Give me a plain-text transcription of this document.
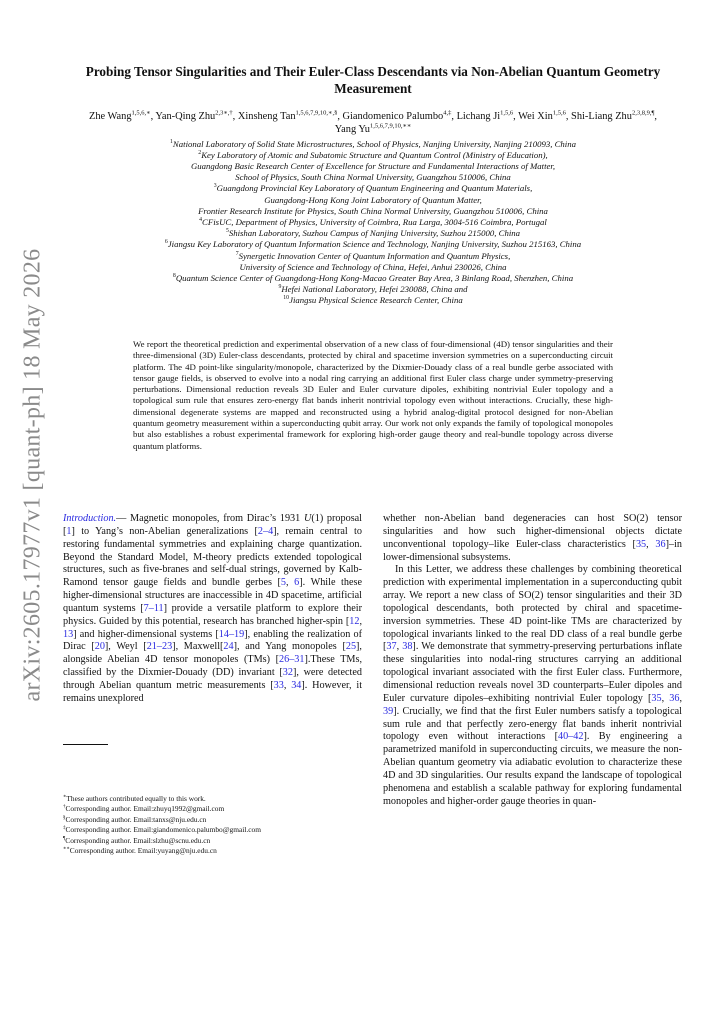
arXiv:2605.17977v1 [quant-ph] 18 May 2026
Probing Tensor Singularities and Their Euler-Class Descendants via Non-Abelian Quantum Geometry Measurement
Zhe Wang$^{1,5,6,∗}$, Yan-Qing Zhu$^{2,3∗,\dagger}$, Xinsheng Tan$^{1,5,6,7,9,10,∗,\S}$, Giandomenico Palumbo$^{4,\ddagger}$, Lichang Ji$^{1,5,6}$, Wei Xin$^{1,5,6}$, Shi-Liang Zhu$^{2,3,8,9,\P}$, Yang $Yu^{1,5,6,7,9,10,∗∗}$
$^1$National Laboratory of Solid State Microstructures, School of Physics, Nanjing University, Nanjing 210093, China
$^2$Key Laboratory of Atomic and Subatomic Structure and Quantum Control (Ministry of Education),
Guangdong Basic Research Center of Excellence for Structure and Fundamental Interactions of Matter,
School of Physics, South China Normal University, Guangzhou 510006, China
$^3$Guangdong Provincial Key Laboratory of Quantum Engineering and Quantum Materials,
Guangdong-Hong Kong Joint Laboratory of Quantum Matter,
Frontier Research Institute for Physics, South China Normal University, Guangzhou 510006, China
$^4$CFisUC, Department of Physics, University of Coimbra, Rua Larga, 3004-516 Coimbra, Portugal
$^5$Shishan Laboratory, Suzhou Campus of Nanjing University, Suzhou 215000, China
$^6$Jiangsu Key Laboratory of Quantum Information Science and Technology, Nanjing University, Suzhou 215163, China
$^7$Synergetic Innovation Center of Quantum Information and Quantum Physics,
University of Science and Technology of China, Hefei, Anhui 230026, China
$^8$Quantum Science Center of Guangdong-Hong Kong-Macao Greater Bay Area, 3 Binlang Road, Shenzhen, China
$^9$Hefei National Laboratory, Hefei 230088, China and
$^{10}$Jiangsu Physical Science Research Center, China
We report the theoretical prediction and experimental observation of a new class of four-dimensional (4D) tensor singularities and their three-dimensional (3D) Euler-class descendants, protected by chiral and spacetime inversion symmetries on a superconducting circuit platform. The 4D point-like singularity/monopole, characterized by the Dixmier-Douady class of a real bundle gerbe associated with tensor gauge fields, is observed to evolve into a nodal ring carrying an additional first Euler class charge under symmetry-preserving perturbations. Dimensional reduction reveals 3D Euler and Euler curvature dipoles, exhibiting nontrivial Euler topology and a topological sum rule that ensures zero-energy flat bands inherit nontrivial topology even without interactions. Crucially, these high-dimensional degenerate systems are mapped and reconstructed using a hybrid analog-digital protocol designed for non-Abelian quantum geometry measurement within a superconducting qubit array. Our work not only expands the family of topological monopoles but also establishes a robust experimental framework for exploring high-order gauge theory and real-bundle topology across diverse quantum platforms.

Introduction.— Magnetic monopoles, from Dirac’s 1931 U(1) proposal [1] to Yang’s non-Abelian generalizations [2–4], remain central to restoring fundamental symmetries and explaining charge quantization. Beyond the Standard Model, M-theory predicts extended topological structures, such as five-branes and self-dual strings, governed by Kalb-Ramond tensor gauge fields and bundle gerbes [5, 6]. While these higher-dimensional structures are inaccessible in 4D spacetime, artificial quantum systems [7–11] provide a versatile platform to explore their physics. Guided by this potential, research has branched higher-spin [12, 13] and higher-dimensional systems [14–19], enabling the realization of Dirac [20], Weyl [21–23], Maxwell[24], and Yang monopoles [25], alongside Abelian 4D tensor monopoles (TMs) [26–31].These TMs, classified by the Dixmier-Douady (DD) invariant [32], were detected through Abelian quantum metric measurements [33, 34]. However, it remains unexplored

∗These authors contributed equally to this work.
†Corresponding author. Email:zhuyq1992@gmail.com
§Corresponding author. Email:tanxs@nju.edu.cn
‡Corresponding author. Email:giandomenico.palumbo@gmail.com
¶Corresponding author. Email:slzhu@scnu.edu.cn
∗∗Corresponding author. Email:yuyang@nju.edu.cn

whether non-Abelian band degeneracies can host SO(2) tensor singularities and how such higher-dimensional objects dictate unconventional topology–like Euler-class characteristics [35, 36]–in lower-dimensional subsystems.

In this Letter, we address these challenges by combining theoretical prediction with experimental implementation in a superconducting qubit array. We report a new class of SO(2) tensor singularities and their 3D topological descendants, both protected by chiral and spacetime-inversion symmetries. These 4D point-like TMs are characterized by topological invariants linked to the real DD class of a real bundle gerbe [37, 38]. We demonstrate that symmetry-preserving perturbations inflate these singularities into nodal-ring structures carrying an additional topological invariant associated with the first Euler class. Furthermore, dimensional reduction reveals novel 3D counterparts–Euler dipoles and Euler curvature dipoles–exhibiting nontrivial Euler topology [35, 36, 39]. Crucially, we find that the first Euler numbers satisfy a topological sum rule and that perfectly zero-energy flat bands inherit nontrivial topology even without interactions [40–42]. By engineering a parametrized manifold in superconducting circuits, we measure the non-Abelian quantum geometry via adiabatic evolution to characterize these 4D and 3D singularities. Our results expand the landscape of topological phenomena and establish a scalable pathway for exploring fundamental monopoles and higher-order gauge theories in quan-
